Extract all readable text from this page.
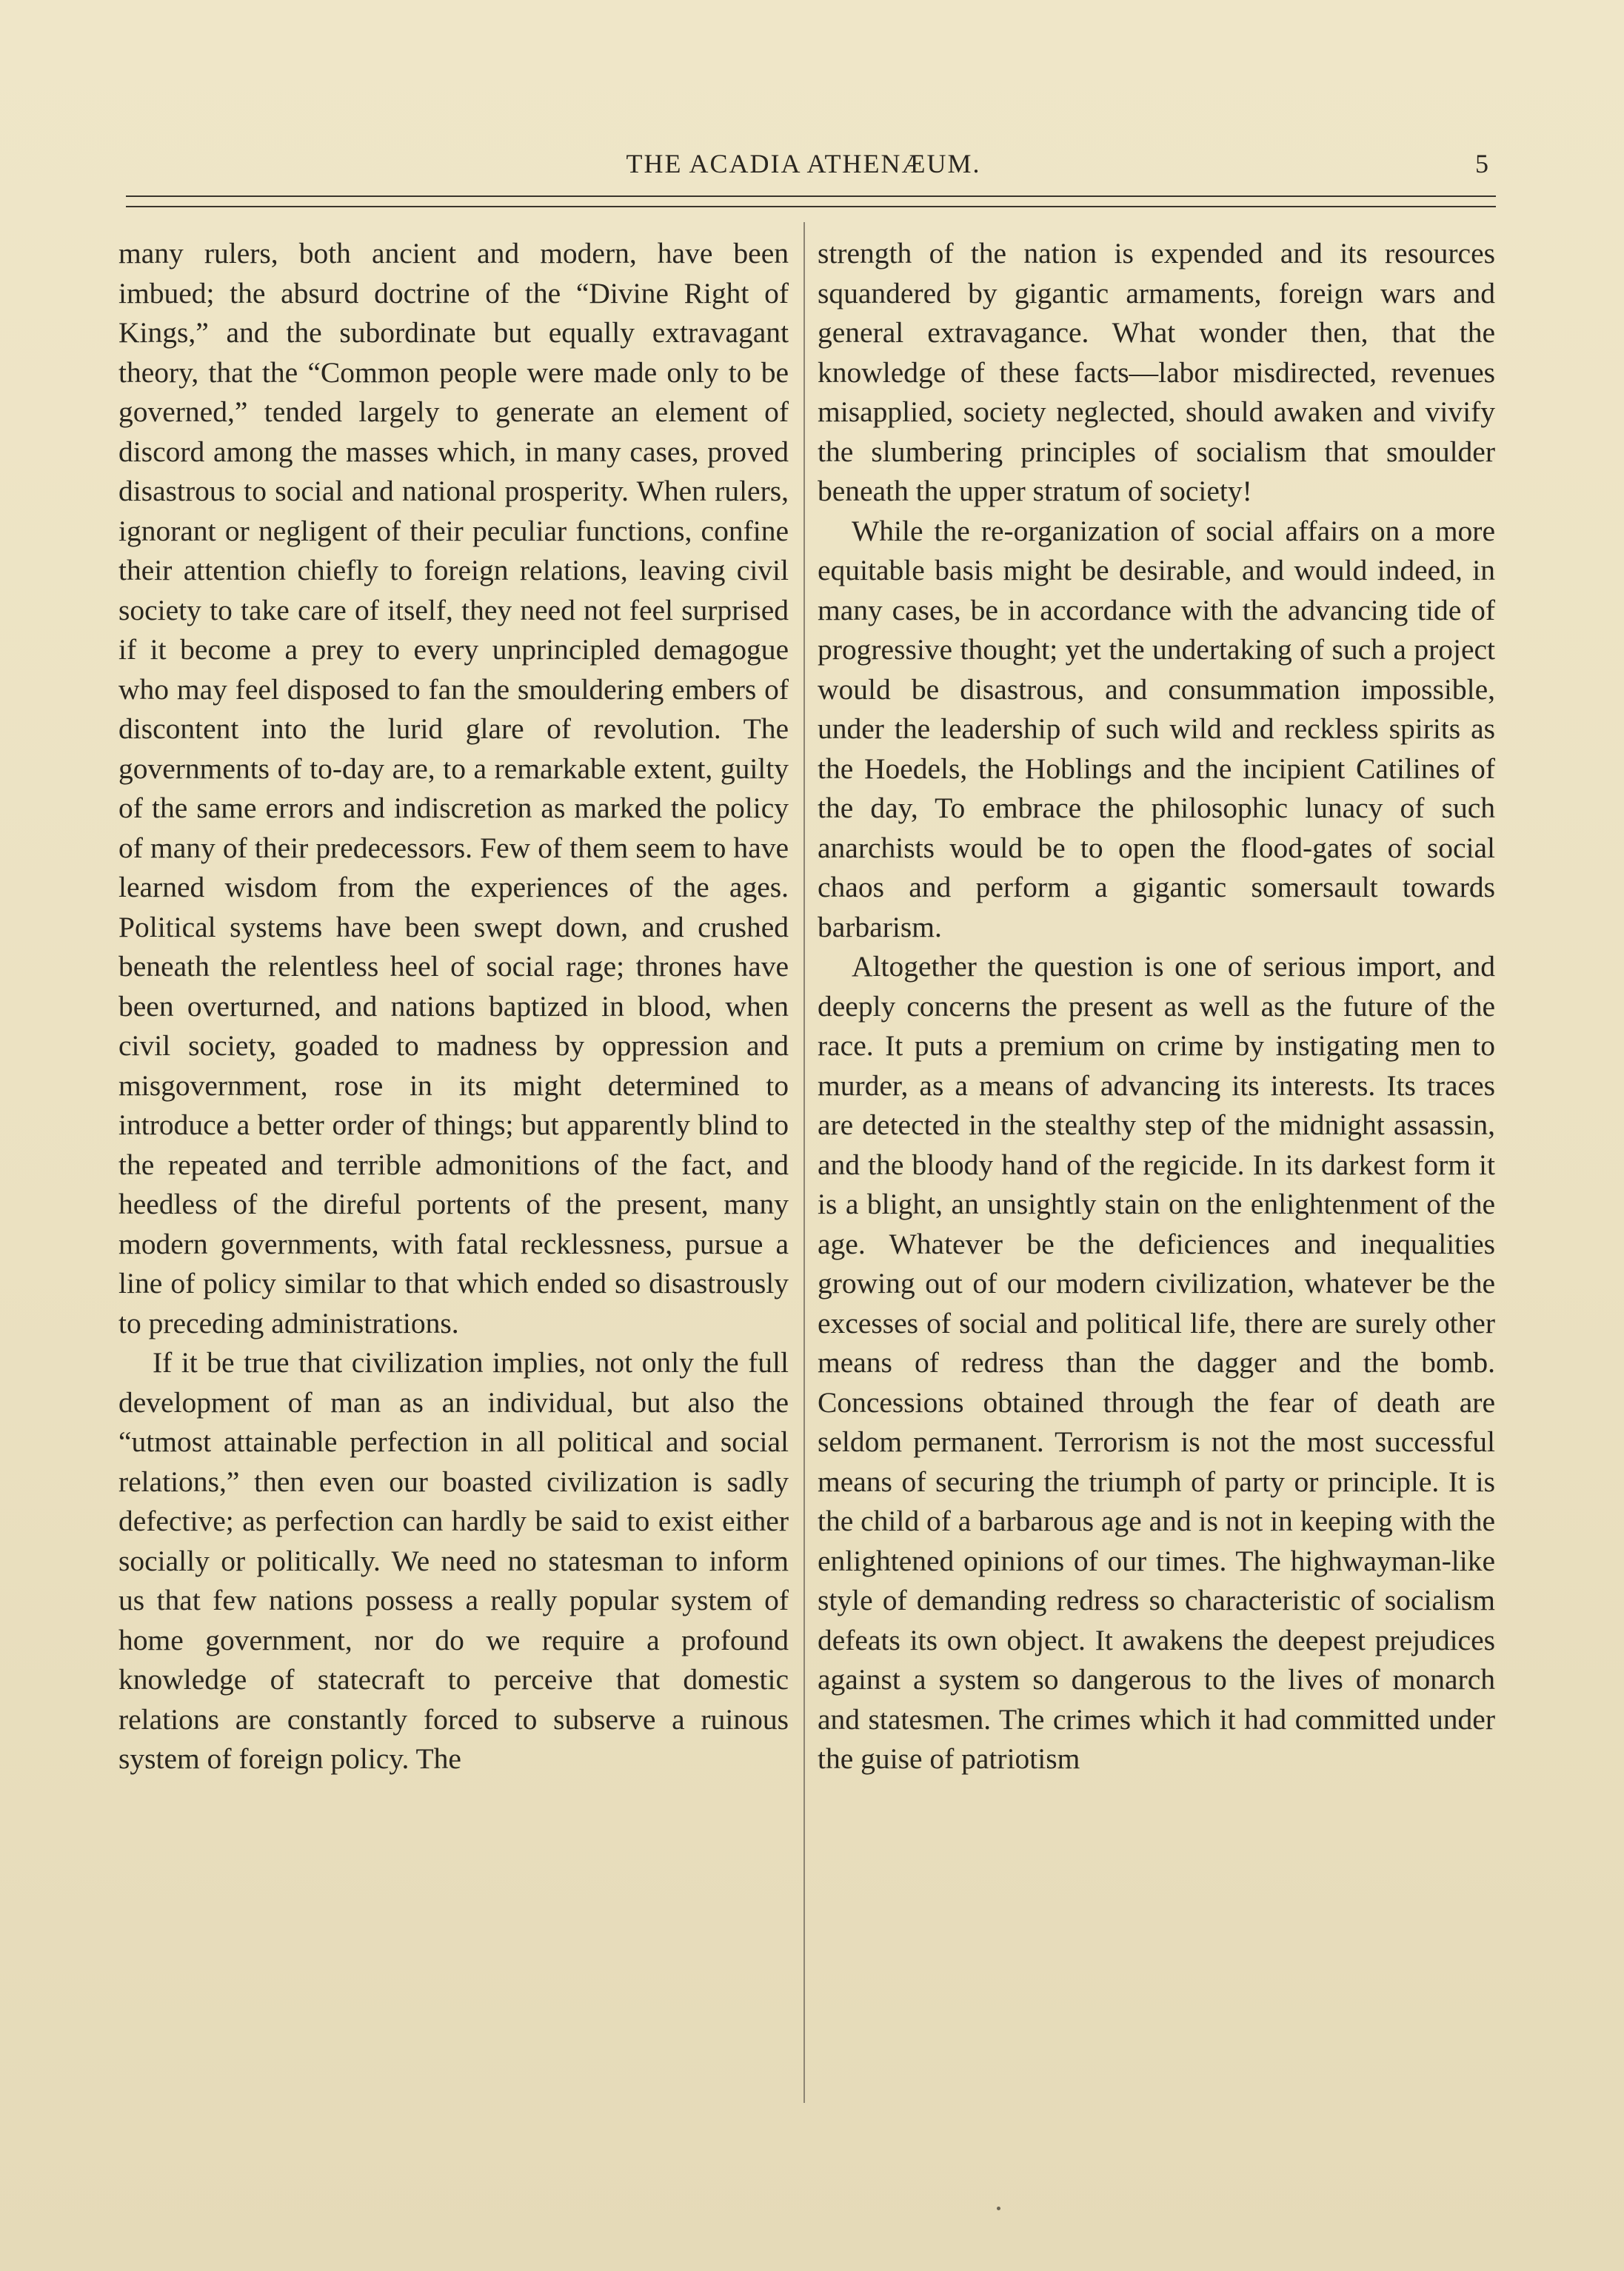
THE ACADIA ATHENÆUM.	5

many rulers, both ancient and modern, have been imbued; the absurd doctrine of the “Divine Right of Kings,” and the subordinate but equally extravagant theory, that the “Common people were made only to be governed,” tended largely to generate an element of discord among the masses which, in many cases, proved disastrous to social and national prosperity. When rulers, ignorant or negligent of their peculiar functions, confine their attention chiefly to foreign relations, leaving civil society to take care of itself, they need not feel surprised if it become a prey to every unprincipled demagogue who may feel disposed to fan the smouldering embers of discontent into the lurid glare of revolution. The governments of to-day are, to a remarkable extent, guilty of the same errors and indiscretion as marked the policy of many of their predecessors. Few of them seem to have learned wisdom from the experiences of the ages. Political systems have been swept down, and crushed beneath the relentless heel of social rage; thrones have been overturned, and nations baptized in blood, when civil society, goaded to madness by oppression and misgovernment, rose in its might determined to introduce a better order of things; but apparently blind to the repeated and terrible admonitions of the fact, and heedless of the direful portents of the present, many modern governments, with fatal recklessness, pursue a line of policy similar to that which ended so disastrously to preceding administrations.

If it be true that civilization implies, not only the full development of man as an individual, but also the “utmost attainable perfection in all political and social relations,” then even our boasted civilization is sadly defective; as perfection can hardly be said to exist either socially or politically. We need no statesman to inform us that few nations possess a really popular system of home government, nor do we require a profound knowledge of statecraft to perceive that domestic relations are constantly forced to subserve a ruinous system of foreign policy. The

strength of the nation is expended and its resources squandered by gigantic armaments, foreign wars and general extravagance. What wonder then, that the knowledge of these facts—labor misdirected, revenues misapplied, society neglected, should awaken and vivify the slumbering principles of socialism that smoulder beneath the upper stratum of society!

While the re-organization of social affairs on a more equitable basis might be desirable, and would indeed, in many cases, be in accordance with the advancing tide of progressive thought; yet the undertaking of such a project would be disastrous, and consummation impossible, under the leadership of such wild and reckless spirits as the Hoedels, the Hoblings and the incipient Catilines of the day, To embrace the philosophic lunacy of such anarchists would be to open the flood-gates of social chaos and perform a gigantic somersault towards barbarism.

Altogether the question is one of serious import, and deeply concerns the present as well as the future of the race. It puts a premium on crime by instigating men to murder, as a means of advancing its interests. Its traces are detected in the stealthy step of the midnight assassin, and the bloody hand of the regicide. In its darkest form it is a blight, an unsightly stain on the enlightenment of the age. Whatever be the deficiences and inequalities growing out of our modern civilization, whatever be the excesses of social and political life, there are surely other means of redress than the dagger and the bomb. Concessions obtained through the fear of death are seldom permanent. Terrorism is not the most successful means of securing the triumph of party or principle. It is the child of a barbarous age and is not in keeping with the enlightened opinions of our times. The highwayman-like style of demanding redress so characteristic of socialism defeats its own object. It awakens the deepest prejudices against a system so dangerous to the lives of monarch and statesmen. The crimes which it had committed under the guise of patriotism
